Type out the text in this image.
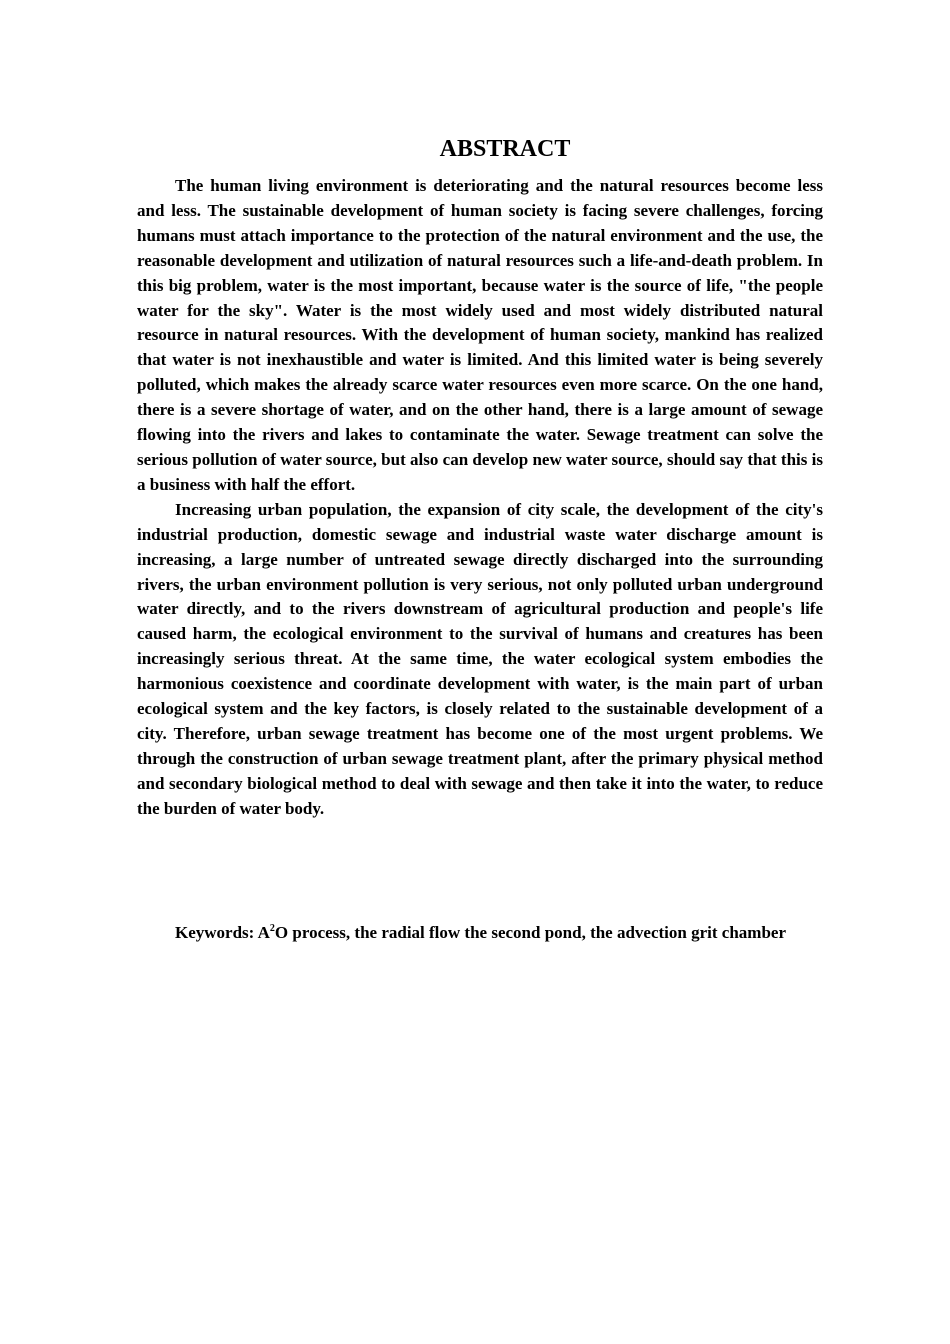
ABSTRACT

The human living environment is deteriorating and the natural resources become less and less. The sustainable development of human society is facing severe challenges, forcing humans must attach importance to the protection of the natural environment and the use, the reasonable development and utilization of natural resources such a life-and-death problem. In this big problem, water is the most important, because water is the source of life, "the people water for the sky". Water is the most widely used and most widely distributed natural resource in natural resources. With the development of human society, mankind has realized that water is not inexhaustible and water is limited. And this limited water is being severely polluted, which makes the already scarce water resources even more scarce. On the one hand, there is a severe shortage of water, and on the other hand, there is a large amount of sewage flowing into the rivers and lakes to contaminate the water. Sewage treatment can solve the serious pollution of water source, but also can develop new water source, should say that this is a business with half the effort.

Increasing urban population, the expansion of city scale, the development of the city's industrial production, domestic sewage and industrial waste water discharge amount is increasing, a large number of untreated sewage directly discharged into the surrounding rivers, the urban environment pollution is very serious, not only polluted urban underground water directly, and to the rivers downstream of agricultural production and people's life caused harm, the ecological environment to the survival of humans and creatures has been increasingly serious threat. At the same time, the water ecological system embodies the harmonious coexistence and coordinate development with water, is the main part of urban ecological system and the key factors, is closely related to the sustainable development of a city. Therefore, urban sewage treatment has become one of the most urgent problems. We through the construction of urban sewage treatment plant, after the primary physical method and secondary biological method to deal with sewage and then take it into the water, to reduce the burden of water body.

Keywords: $A^2O$ process, the radial flow the second pond, the advection grit chamber
